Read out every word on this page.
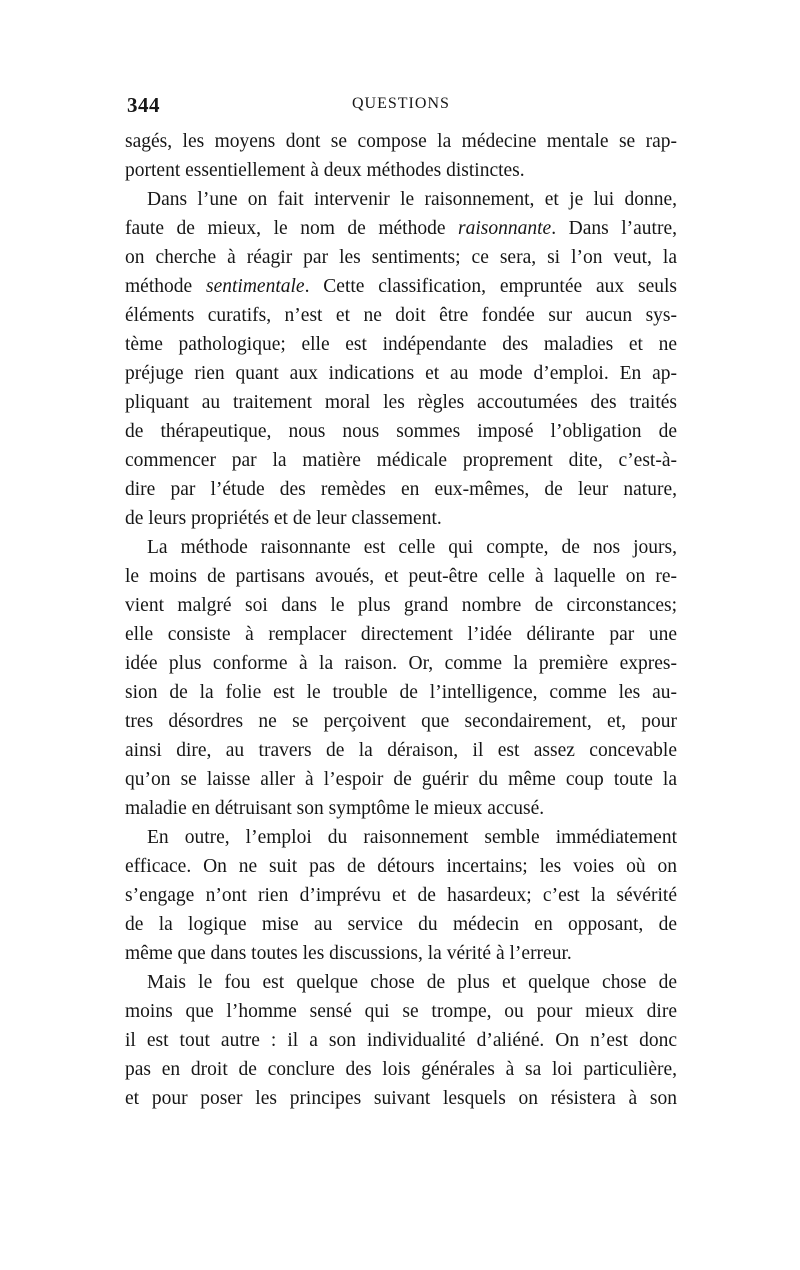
344	QUESTIONS
sagés, les moyens dont se compose la médecine mentale se rap-
portent essentiellement à deux méthodes distinctes.
Dans l’une on fait intervenir le raisonnement, et je lui donne,
faute de mieux, le nom de méthode raisonnante. Dans l’autre,
on cherche à réagir par les sentiments; ce sera, si l’on veut, la
méthode sentimentale. Cette classification, empruntée aux seuls
éléments curatifs, n’est et ne doit être fondée sur aucun sys-
tème pathologique; elle est indépendante des maladies et ne
préjuge rien quant aux indications et au mode d’emploi. En ap-
pliquant au traitement moral les règles accoutumées des traités
de thérapeutique, nous nous sommes imposé l’obligation de
commencer par la matière médicale proprement dite, c’est-à-
dire par l’étude des remèdes en eux-mêmes, de leur nature,
de leurs propriétés et de leur classement.
La méthode raisonnante est celle qui compte, de nos jours,
le moins de partisans avoués, et peut-être celle à laquelle on re-
vient malgré soi dans le plus grand nombre de circonstances;
elle consiste à remplacer directement l’idée délirante par une
idée plus conforme à la raison. Or, comme la première expres-
sion de la folie est le trouble de l’intelligence, comme les au-
tres désordres ne se perçoivent que secondairement, et, pour
ainsi dire, au travers de la déraison, il est assez concevable
qu’on se laisse aller à l’espoir de guérir du même coup toute la
maladie en détruisant son symptôme le mieux accusé.
En outre, l’emploi du raisonnement semble immédiatement
efficace. On ne suit pas de détours incertains; les voies où on
s’engage n’ont rien d’imprévu et de hasardeux; c’est la sévérité
de la logique mise au service du médecin en opposant, de
même que dans toutes les discussions, la vérité à l’erreur.
Mais le fou est quelque chose de plus et quelque chose de
moins que l’homme sensé qui se trompe, ou pour mieux dire
il est tout autre : il a son individualité d’aliéné. On n’est donc
pas en droit de conclure des lois générales à sa loi particulière,
et pour poser les principes suivant lesquels on résistera à son
